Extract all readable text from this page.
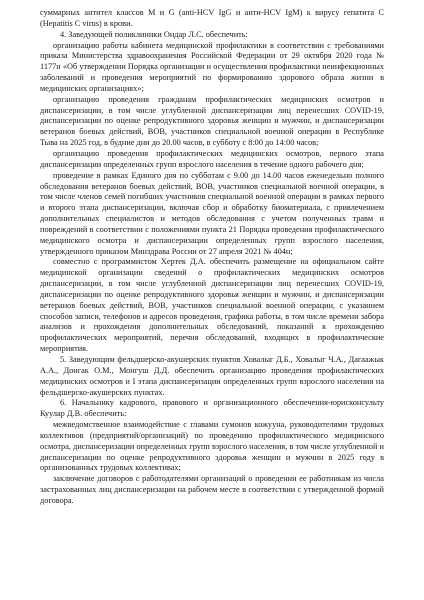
суммарных антител классов M и G (anti-HCV IgG и анти-HCV IgM) к вирусу гепатита С (Hepatitis C virus) в крови.

4. Заведующей поликлиники Ондар Л.С. обеспечить:

организацию работы кабинета медицинской профилактики в соответствии с требованиями приказа Министерства здравоохранения Российской Федерации от 29 октября 2020 года № 1177н «Об утверждении Порядка организации и осуществления профилактики неинфекционных заболеваний и проведения мероприятий по формированию здорового образа жизни в медицинских организациях»;

организацию проведения гражданам профилактических медицинских осмотров и диспансеризации, в том числе углубленной диспансеризации лиц перенесших COVID-19, диспансеризации по оценке репродуктивного здоровья женщин и мужчин, и диспансеризации ветеранов боевых действий, ВОВ, участников специальной военной операции в Республике Тыва на 2025 год, в будние дни до 20.00 часов, в субботу с 8:00 до 14:00 часов;

организацию проведения профилактических медицинских осмотров, первого этапа диспансеризации определенных групп взрослого населения в течение одного рабочего дня;

проведение в рамках Единого дня по субботам с 9.00 до 14.00 часов еженедельно полного обследования ветеранов боевых действий, ВОВ, участников специальной военной операции, в том числе членов семей погибших участников специальной военной операции в рамках первого и второго этапа диспансеризации, включая сбор и обработку биоматериала, с привлечением дополнительных специалистов и методов обследования с учетом полученных травм и повреждений в соответствии с положениями пункта 21 Порядка проведения профилактического медицинского осмотра и диспансеризации определенных групп взрослого населения, утвержденного приказом Минздрава России от 27 апреля 2021 № 404н;

совместно с программистом Хертек Д.А. обеспечить размещение на официальном сайте медицинской организации сведений о профилактических медицинских осмотров диспансеризации, в том числе углубленной диспансеризации лиц перенесших COVID-19, диспансеризации по оценке репродуктивного здоровья женщин и мужчин, и диспансеризации ветеранов боевых действий, ВОВ, участников специальной военной операции, с указанием способов записи, телефонов и адресов проведения, графика работы, в том числе времени забора анализов и прохождения дополнительных обследований, показаний к прохождению профилактических мероприятий, перечня обследований, входящих в профилактические мероприятия.

5. Заведующим фельдшерско-акушерских пунктов Ховалыг Д.Б., Ховалыг Ч.А., Дагаажык А.А., Донгак О.М., Монгуш Д.Д. обеспечить организацию проведения профилактических медицинских осмотров и I этапа диспансеризации определенных групп взрослого населения на фельдшерско-акушерских пунктах.

6. Начальнику кадрового, правового и организационного обеспечения-юрисконсульту Куулар Д.В. обеспечить:

межведомственное взаимодействие с главами сумонов кожууна, руководителями трудовых коллективов (предприятий/организаций) по проведению профилактического медицинского осмотра, диспансеризации определенных групп взрослого населения, в том числе углубленной и диспансеризации по оценке репродуктивного здоровья женщин и мужчин в 2025 году в организованных трудовых коллективах;

заключение договоров с работодателями организаций о проведении ее работникам из числа застрахованных лиц диспансеризации на рабочем месте в соответствии с утвержденной формой договора.
